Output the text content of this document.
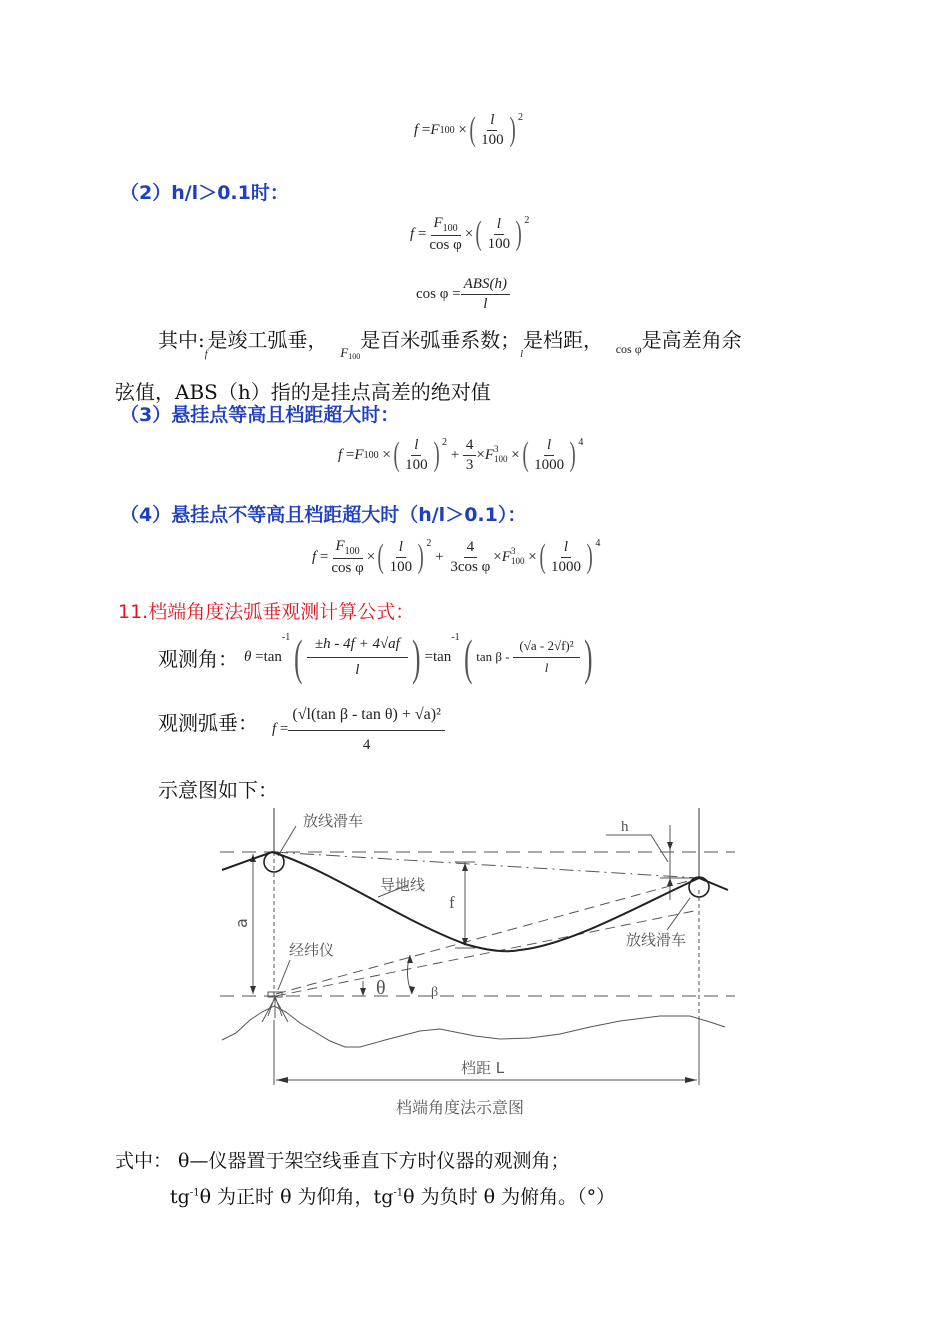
f
= F 100
× ( $\frac{l}{100}$ ) $^2$
（2）h/l＞0.1时：
f
= $\frac{F_{100}}{\text{cos φ}}$ × ( $\frac{l}{100}$ ) $^2$
cos φ
= $\frac{\text{ABS(h)}}{l}$
其中$:_f$是竣工弧垂，  $_{F100}$是百米弧垂系数；$_l$是档距， $_{cos \varphi}$是高差角余
弦值，ABS（h）指的是挂点高差的绝对值
（3）悬挂点等高且档距超大时：
f
= F 100
× ( $\frac{l}{100}$ ) $^2$

+
$\frac{4}{3} \times F$ 3
100
× ( $\frac{l}{1000}$ ) $^4$
（4）悬挂点不等高且档距超大时（h/l＞0.1）：
f
= $\frac{F_{100}}{\text{cos φ}}$ × ( $\frac{l}{100}$ ) $^2$

+
$\frac{4}{\text{3cos φ}} \times F$ 3
100
× ( $\frac{l}{1000}$ ) $^4$
11.档端角度法弧垂观测计算公式：
观测角： θ
= tan
-1 ( $\frac{\pm h - 4f + 4√af}{l}$ ) = tan
-1 ( tan β -
$\frac{\text{(√a - 2√f)²}}{l}$ )
观测弧垂： f
= $\frac{\text{(√l(tan β - tan θ) + √a)²}}{4}$
示意图如下：
放线滑车
导地线
经纬仪
放线滑车
a
f
h
θ	β
档距 L
档端角度法示意图
式中： θ—仪器置于架空线垂直下方时仪器的观测角；
$tg^{-1}\theta$ 为正时 θ 为仰角，$tg^{-1}\theta$ 为负时 θ 为俯角。（°）
